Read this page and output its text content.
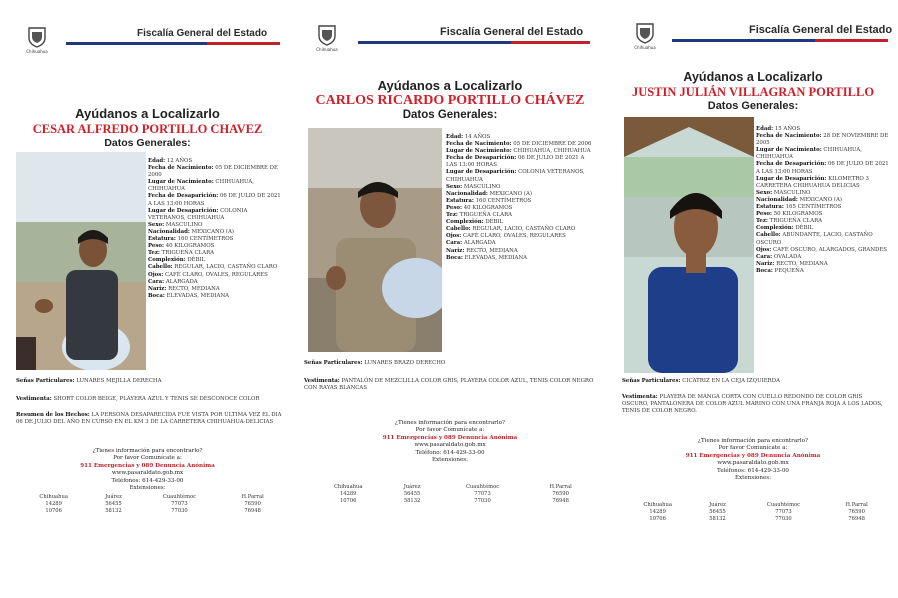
Chihuahua
Fiscalía General del Estado
Ayúdanos a Localizarlo
CESAR ALFREDO PORTILLO CHAVEZ
Datos Generales:
Edad: 12 AÑOS
Fecha de Nacimiento: 05 DE DICIEMBRE DE 2000
Lugar de Nacimiento: CHIHUAHUA, CHIHUAHUA
Fecha de Desaparición: 06 DE JULIO DE 2021 A LAS 13:00 HORAS
Lugar de Desaparición: COLONIA VETERANOS, CHIHUAHUA
Sexo: MASCULINO
Nacionalidad: MEXICANO (A)
Estatura: 160 CENTÍMETROS
Peso: 40 KILOGRAMOS
Tez: TRIGUEÑA CLARA
Complexión: DÉBIL
Cabello: REGULAR, LACIO, CASTAÑO CLARO
Ojos: CAFÉ CLARO, OVALES, REGULARES
Cara: ALARGADA
Nariz: RECTO, MEDIANA
Boca: ELEVADAS, MEDIANA
Señas Particulares: LUNARES MEJILLA DERECHA
Vestimenta: SHORT COLOR BEIGE, PLAYERA AZUL Y TENIS SE DESCONOCE COLOR
Resumen de los Hechos: LA PERSONA DESAPARECIDA FUE VISTA POR ULTIMA VEZ EL DIA 06 DE JULIO DEL AÑO EN CURSO EN EL KM 3 DE LA CARRETERA CHIHUAHUA-DELICIAS
¿Tienes información para encontrarlo?
Por favor Comunícate a:
911 Emergencias y 089 Denuncia Anónima
www.pasaraldato.gob.mx
Teléfonos: 614-429-33-00
Extensiones:
Chihuahua	Juárez	Cuauhtémoc	H.Parral
14289	56455	77073	76590
10706	58132	77030	76948
Chihuahua
Fiscalía General del Estado
Ayúdanos a Localizarlo
CARLOS RICARDO PORTILLO CHÁVEZ
Datos Generales:
Edad: 14 AÑOS
Fecha de Nacimiento: 05 DE DICIEMBRE DE 2006
Lugar de Nacimiento: CHIHUAHUA, CHIHUAHUA
Fecha de Desaparición: 06 DE JULIO DE 2021 A LAS 13:00 HORAS
Lugar de Desaparición: COLONIA VETERANOS, CHIHUAHUA
Sexo: MASCULINO
Nacionalidad: MEXICANO (A)
Estatura: 160 CENTÍMETROS
Peso: 40 KILOGRAMOS
Tez: TRIGUEÑA CLARA
Complexión: DÉBIL
Cabello: REGULAR, LACIO, CASTAÑO CLARO
Ojos: CAFÉ CLARO, OVALES, REGULARES
Cara: ALARGADA
Nariz: RECTO, MEDIANA
Boca: ELEVADAS, MEDIANA
Señas Particulares: LUNARES BRAZO DERECHO
Vestimenta: PANTALÓN DE MEZCLILLA COLOR GRIS, PLAYERA COLOR AZUL, TENIS COLOR NEGRO CON RAYAS BLANCAS
¿Tienes información para encontrarlo?
Por favor Comunícate a:
911 Emergencias y 089 Denuncia Anónima
www.pasaraldato.gob.mx
Teléfono: 614-429-33-00
Extensiones:
Chihuahua	Juárez	Cuauhtémoc	H.Parral
14289	56455	77073	76590
10706	58132	77030	76948
Chihuahua
Fiscalía General del Estado
Ayúdanos a Localizarlo
JUSTIN JULIÁN VILLAGRAN PORTILLO
Datos Generales:
Edad: 15 AÑOS
Fecha de Nacimiento: 28 DE NOVIEMBRE DE 2005
Lugar de Nacimiento: CHIHUAHUA, CHIHUAHUA
Fecha de Desaparición: 06 DE JULIO DE 2021 A LAS 13:00 HORAS
Lugar de Desaparición: KILOMETRO 3 CARRETERA CHIHUAHUA DELICIAS
Sexo: MASCULINO
Nacionalidad: MEXICANO (A)
Estatura: 165 CENTÍMETROS
Peso: 50 KILOGRAMOS
Tez: TRIGUEÑA CLARA
Complexión: DÉBIL
Cabello: ABUNDANTE, LACIO, CASTAÑO OSCURO
Ojos: CAFÉ OSCURO, ALARGADOS, GRANDES
Cara: OVALADA
Nariz: RECTO, MEDIANA
Boca: PEQUEÑA
Señas Particulares: CICATRIZ EN LA CEJA IZQUIERDA
Vestimenta: PLAYERA DE MANGA CORTA CON CUELLO REDONDO DE COLOR GRIS OSCURO, PANTALONERA DE COLOR AZUL MARINO CON UNA FRANJA ROJA A LOS LADOS, TENIS DE COLOR NEGRO.
¿Tienes información para encontrarlo?
Por favor Comunícate a:
911 Emergencias y 089 Denuncia Anónima
www.pasaraldato.gob.mx
Teléfonos: 614-429-33-00
Extensiones:
Chihuahua	Juárez	Cuauhtémoc	H.Parral
14289	56455	77073	76590
10706	58132	77030	76948
